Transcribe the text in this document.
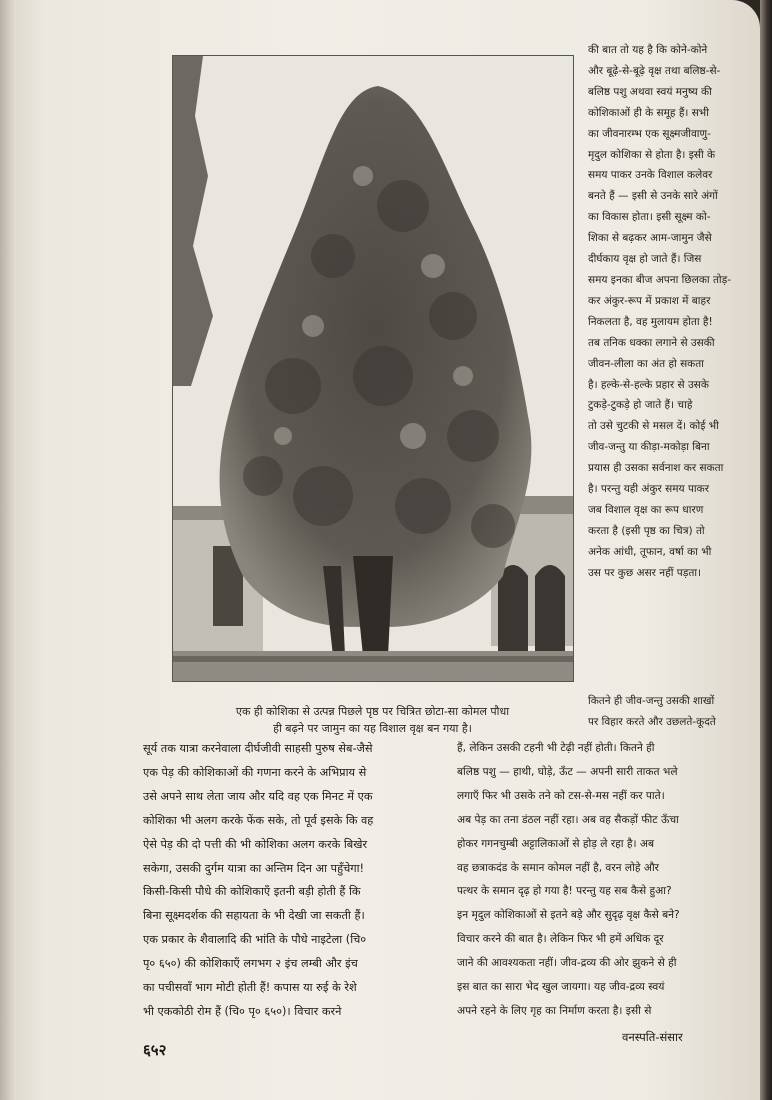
एक ही कोशिका से उत्पन्न पिछले पृष्ठ पर चित्रित छोटा-सा कोमल पौधा
ही बढ़ने पर जामुन का यह विशाल वृक्ष बन गया है।
की बात तो यह है कि कोने-कोने
और बूढ़े-से-बूढ़े वृक्ष तथा बलिष्ठ-से-
बलिष्ठ पशु अथवा स्वयं मनुष्य की
कोशिकाओं ही के समूह हैं। सभी
का जीवनारम्भ एक सूक्ष्मजीवाणु-
मृदुल कोशिका से होता है। इसी के
समय पाकर उनके विशाल कलेवर
बनते हैं — इसी से उनके सारे अंगों
का विकास होता। इसी सूक्ष्म को-
शिका से बढ़कर आम-जामुन जैसे
दीर्घकाय वृक्ष हो जाते हैं। जिस
समय इनका बीज अपना छिलका तोड़-
कर अंकुर-रूप में प्रकाश में बाहर
निकलता है, वह मुलायम होता है!
तब तनिक धक्का लगाने से उसकी
जीवन-लीला का अंत हो सकता
है। हल्के-से-हल्के प्रहार से उसके
टुकड़े-टुकड़े हो जाते हैं। चाहे
तो उसे चुटकी से मसल दें। कोई भी
जीव-जन्तु या कीड़ा-मकोड़ा बिना
प्रयास ही उसका सर्वनाश कर सकता
है। परन्तु यही अंकुर समय पाकर
जब विशाल वृक्ष का रूप धारण
करता है (इसी पृष्ठ का चित्र) तो
अनेक आंधी, तूफान, वर्षा का भी
उस पर कुछ असर नहीं पड़ता।
कितने ही जीव-जन्तु उसकी शाखों
पर विहार करते और उछलते-कूदते
सूर्य तक यात्रा करनेवाला दीर्घजीवी साहसी पुरुष सेब-जैसे
एक पेड़ की कोशिकाओं की गणना करने के अभिप्राय से
उसे अपने साथ लेता जाय और यदि वह एक मिनट में एक
कोशिका भी अलग करके फेंक सके, तो पूर्व इसके कि वह
ऐसे पेड़ की दो पत्ती की भी कोशिका अलग करके बिखेर
सकेगा, उसकी दुर्गम यात्रा का अन्तिम दिन आ पहुँचेगा!
किसी-किसी पौधे की कोशिकाएँ इतनी बड़ी होती हैं कि
बिना सूक्ष्मदर्शक की सहायता के भी देखी जा सकती हैं।
एक प्रकार के शैवालादि की भांति के पौधे नाइटेला (चि०
पृ० ६५०) की कोशिकाएँ लगभग २ इंच लम्बी और इंच
का पचीसवाँ भाग मोटी होती हैं! कपास या रुई के रेशे
भी एककोठी रोम हैं (चि० पृ० ६५०)। विचार करने
हैं, लेकिन उसकी टहनी भी टेढ़ी नहीं होती। कितने ही
बलिष्ठ पशु — हाथी, घोड़े, ऊँट — अपनी सारी ताकत भले
लगाएँ फिर भी उसके तने को टस-से-मस नहीं कर पाते।
अब पेड़ का तना डंठल नहीं रहा। अब वह सैकड़ों फीट ऊँचा
होकर गगनचुम्बी अट्टालिकाओं से होड़ ले रहा है। अब
वह छत्राकदंड के समान कोमल नहीं है, वरन लोहे और
पत्थर के समान दृढ़ हो गया है! परन्तु यह सब कैसे हुआ?
इन मृदुल कोशिकाओं से इतने बड़े और सुदृढ़ वृक्ष कैसे बने?
विचार करने की बात है। लेकिन फिर भी हमें अधिक दूर
जाने की आवश्यकता नहीं। जीव-द्रव्य की ओर झुकने से ही
इस बात का सारा भेद खुल जायगा। यह जीव-द्रव्य स्वयं
अपने रहने के लिए गृह का निर्माण करता है। इसी से
६५२
वनस्पति-संसार
